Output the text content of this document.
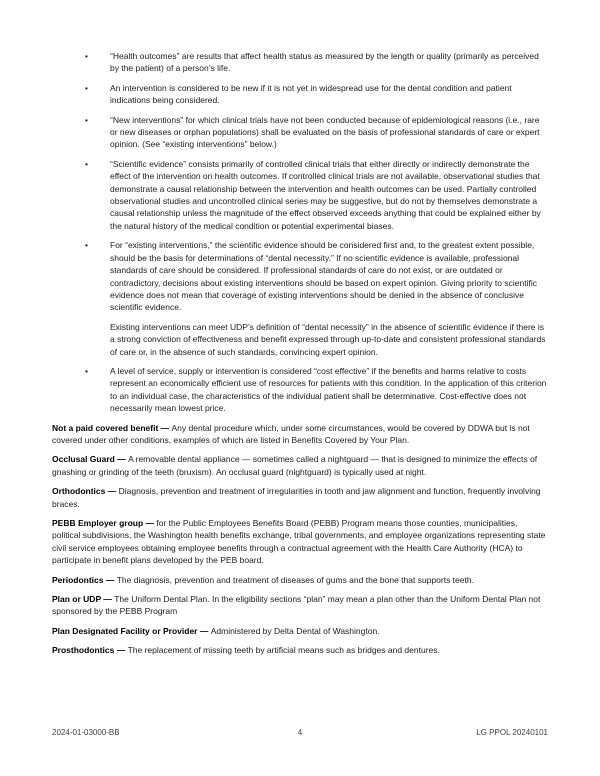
•	“Health outcomes” are results that affect health status as measured by the length or quality (primarily as perceived by the patient) of a person’s life.

•	An intervention is considered to be new if it is not yet in widespread use for the dental condition and patient indications being considered.

•	“New interventions” for which clinical trials have not been conducted because of epidemiological reasons (i.e., rare or new diseases or orphan populations) shall be evaluated on the basis of professional standards of care or expert opinion. (See “existing interventions” below.)

•	“Scientific evidence” consists primarily of controlled clinical trials that either directly or indirectly demonstrate the effect of the intervention on health outcomes. If controlled clinical trials are not available, observational studies that demonstrate a causal relationship between the intervention and health outcomes can be used. Partially controlled observational studies and uncontrolled clinical series may be suggestive, but do not by themselves demonstrate a causal relationship unless the magnitude of the effect observed exceeds anything that could be explained either by the natural history of the medical condition or potential experimental biases.

•	For “existing interventions,” the scientific evidence should be considered first and, to the greatest extent possible, should be the basis for determinations of “dental necessity.” If no scientific evidence is available, professional standards of care should be considered. If professional standards of care do not exist, or are outdated or contradictory, decisions about existing interventions should be based on expert opinion. Giving priority to scientific evidence does not mean that coverage of existing interventions should be denied in the absence of conclusive scientific evidence.

Existing interventions can meet UDP’s definition of “dental necessity” in the absence of scientific evidence if there is a strong conviction of effectiveness and benefit expressed through up-to-date and consistent professional standards of care or, in the absence of such standards, convincing expert opinion.

•	A level of service, supply or intervention is considered “cost effective” if the benefits and harms relative to costs represent an economically efficient use of resources for patients with this condition. In the application of this criterion to an individual case, the characteristics of the individual patient shall be determinative. Cost-effective does not necessarily mean lowest price.

Not a paid covered benefit — Any dental procedure which, under some circumstances, would be covered by DDWA but is not covered under other conditions, examples of which are listed in Benefits Covered by Your Plan.

Occlusal Guard — A removable dental appliance — sometimes called a nightguard — that is designed to minimize the effects of gnashing or grinding of the teeth (bruxism). An occlusal guard (nightguard) is typically used at night.

Orthodontics — Diagnosis, prevention and treatment of irregularities in tooth and jaw alignment and function, frequently involving braces.

PEBB Employer group — for the Public Employees Benefits Board (PEBB) Program means those counties, municipalities, political subdivisions, the Washington health benefits exchange, tribal governments, and employee organizations representing state civil service employees obtaining employee benefits through a contractual agreement with the Health Care Authority (HCA) to participate in benefit plans developed by the PEB board.

Periodontics — The diagnosis, prevention and treatment of diseases of gums and the bone that supports teeth.

Plan or UDP — The Uniform Dental Plan. In the eligibility sections “plan” may mean a plan other than the Uniform Dental Plan not sponsored by the PEBB Program

Plan Designated Facility or Provider — Administered by Delta Dental of Washington.

Prosthodontics — The replacement of missing teeth by artificial means such as bridges and dentures.

2024-01-03000-BB	4	LG PPOL 20240101
